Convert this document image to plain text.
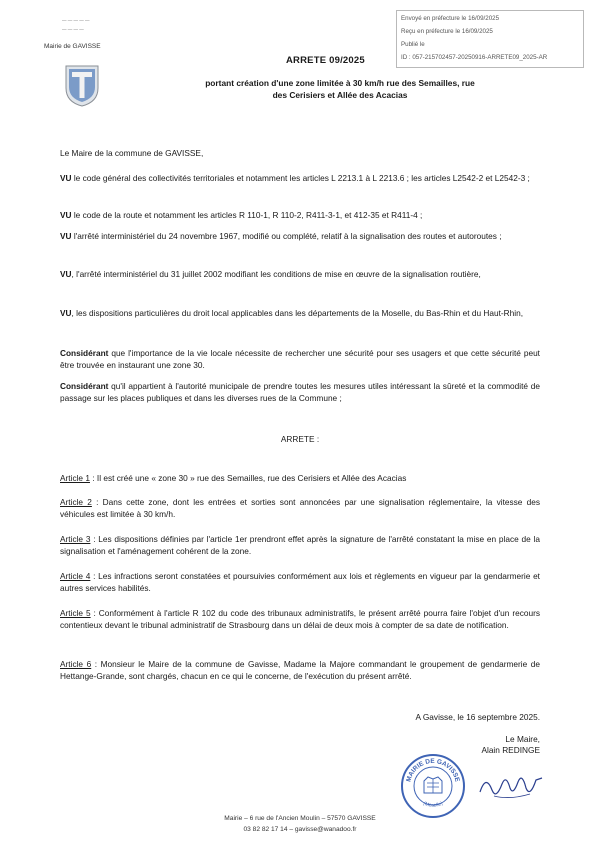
Envoyé en préfecture le 16/09/2025
Reçu en préfecture le 16/09/2025
Publié le
ID : 057-215702457-20250916-ARRETE09_2025-AR
— — — — —
— — — —
Mairie de GAVISSE
ARRETE 09/2025
portant création d'une zone limitée à 30 km/h rue des Semailles, rue des Cerisiers et Allée des Acacias
Le Maire de la commune de GAVISSE,
VU le code général des collectivités territoriales et notamment les articles L 2213.1 à L 2213.6 ; les articles L2542-2 et L2542-3 ;
VU le code de la route et notamment les articles R 110-1, R 110-2, R411-3-1, et 412-35 et R411-4 ;
VU l'arrêté interministériel du 24 novembre 1967, modifié ou complété, relatif à la signalisation des routes et autoroutes ;
VU, l'arrêté interministériel du 31 juillet 2002 modifiant les conditions de mise en œuvre de la signalisation routière,
VU, les dispositions particulières du droit local applicables dans les départements de la Moselle, du Bas-Rhin et du Haut-Rhin,
Considérant que l'importance de la vie locale nécessite de rechercher une sécurité pour ses usagers et que cette sécurité peut être trouvée en instaurant une zone 30.
Considérant qu'il appartient à l'autorité municipale de prendre toutes les mesures utiles intéressant la sûreté et la commodité de passage sur les places publiques et dans les diverses rues de la Commune ;
ARRETE :
Article 1 : Il est créé une « zone 30 » rue des Semailles, rue des Cerisiers et Allée des Acacias
Article 2 : Dans cette zone, dont les entrées et sorties sont annoncées par une signalisation réglementaire, la vitesse des véhicules est limitée à 30 km/h.
Article 3 : Les dispositions définies par l'article 1er prendront effet après la signature de l'arrêté constatant la mise en place de la signalisation et l'aménagement cohérent de la zone.
Article 4 : Les infractions seront constatées et poursuivies conformément aux lois et règlements en vigueur par la gendarmerie et autres services habilités.
Article 5 : Conformément à l'article R 102 du code des tribunaux administratifs, le présent arrêté pourra faire l'objet d'un recours contentieux devant le tribunal administratif de Strasbourg dans un délai de deux mois à compter de sa date de notification.
Article 6 : Monsieur le Maire de la commune de Gavisse, Madame la Majore commandant le groupement de gendarmerie de Hettange-Grande, sont chargés, chacun en ce qui le concerne, de l'exécution du présent arrêté.
A Gavisse, le 16 septembre 2025.
Le Maire,
Alain REDINGE
MAIRIE DE GAVISSE
(Moselle)
Mairie – 6 rue de l'Ancien Moulin – 57570 GAVISSE
03 82 82 17 14 – gavisse@wanadoo.fr
